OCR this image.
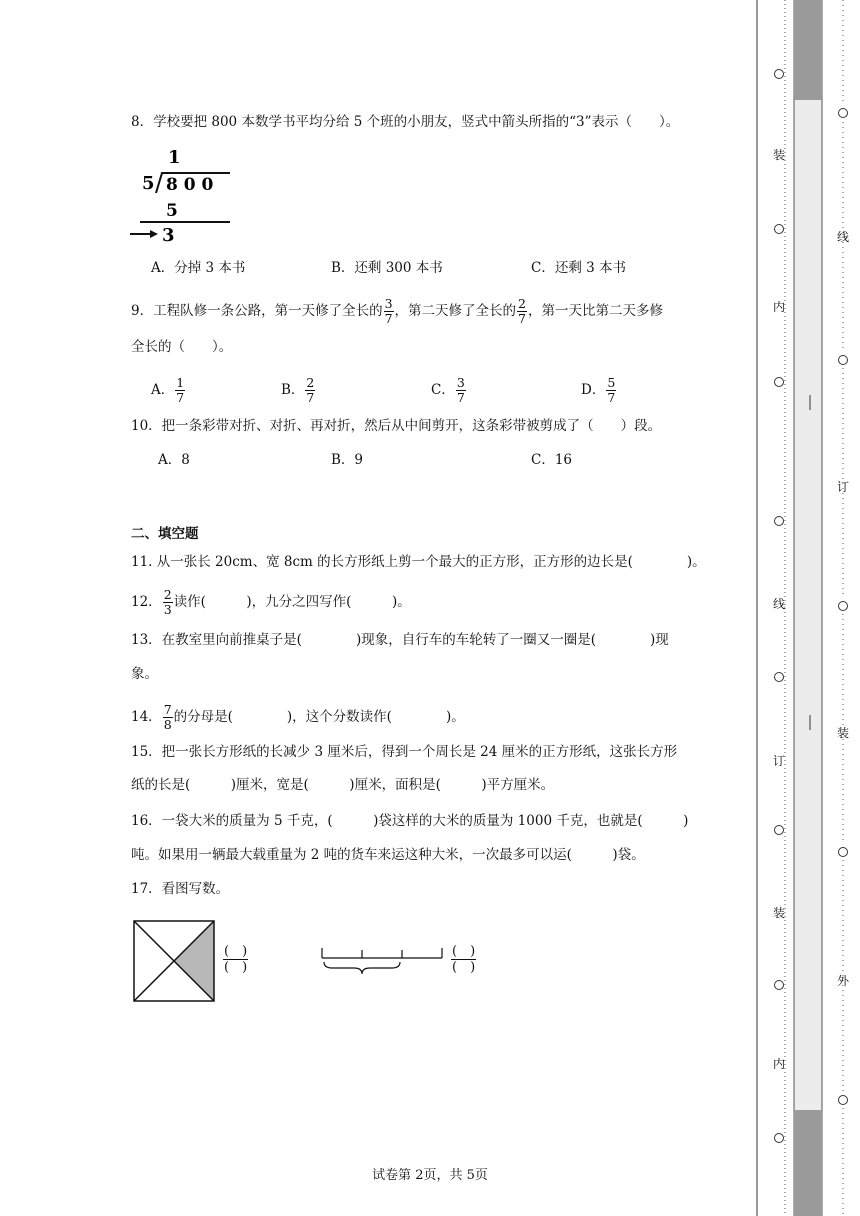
8．学校要把 800 本数学书平均分给 5 个班的小朋友，竖式中箭头所指的“3”表示（　　）。
1
5 8 0 0
5
3
A．分掉 3 本书	B．还剩 300 本书	C．还剩 3 本书
9．工程队修一条公路，第一天修了全长的 $\frac{3}{7}$ ，第二天修了全长的 $\frac{2}{7}$ ，第一天比第二天多修
全长的（　　）。
A． $\frac{1}{7}$	B． $\frac{2}{7}$	C． $\frac{3}{7}$	D． $\frac{5}{7}$
10．把一条彩带对折、对折、再对折，然后从中间剪开，这条彩带被剪成了（　　）段。
A．8	B．9	C．16
二、填空题
11. 从一张长 20cm、宽 8cm 的长方形纸上剪一个最大的正方形，正方形的边长是(　　　　)。
12． $\frac{2}{3}$ 读作(　　　)，九分之四写作(　　　)。
13．在教室里向前推桌子是(　　　　)现象，自行车的车轮转了一圈又一圈是(　　　　)现
象。
14． $\frac{7}{8}$ 的分母是(　　　　)，这个分数读作(　　　　)。
15．把一张长方形纸的长减少 3 厘米后，得到一个周长是 24 厘米的正方形纸，这张长方形
纸的长是(　　　)厘米，宽是(　　　)厘米，面积是(　　　)平方厘米。
16．一袋大米的质量为 5 千克，(　　　)袋这样的大米的质量为 1000 千克，也就是(　　　)
吨。如果用一辆最大载重量为 2 吨的货车来运这种大米，一次最多可以运(　　　)袋。
17．看图写数。
(　)
(　)
(　)
(　)
试卷第 2页，共 5页
装
内
线
订
装
内
线
订
装
外
